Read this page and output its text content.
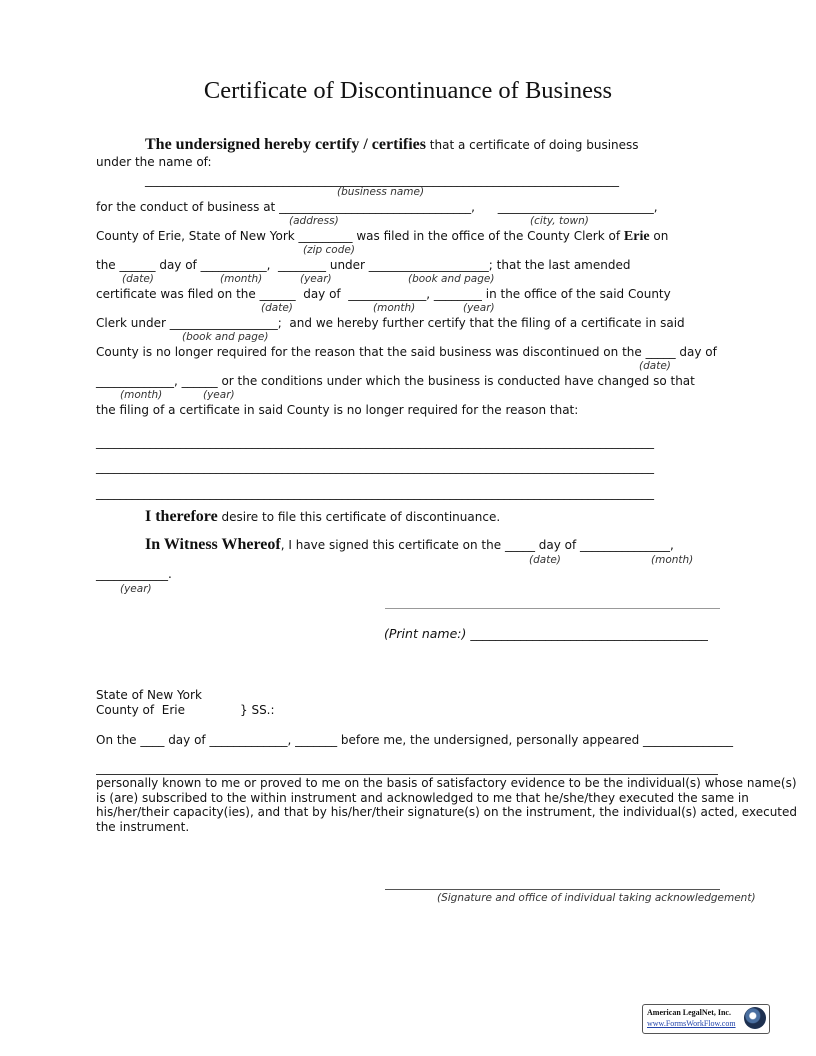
Certificate of Discontinuance of Business
The undersigned hereby certify / certifies that a certificate of doing business
under the name of:
_______________________________________________________________________________
(business name)
for the conduct of business at ________________________________,      __________________________,
(address)	(city, town)
County of Erie, State of New York _________ was filed in the office of the County Clerk of Erie on
(zip code)
the ______ day of ___________,  ________ under ____________________; that the last amended
(date)	(month)	(year)	(book and page)
certificate was filed on the ______  day of  _____________, ________ in the office of the said County
(date)	(month)	(year)
Clerk under __________________;  and we hereby further certify that the filing of a certificate in said
(book and page)
County is no longer required for the reason that the said business was discontinued on the _____ day of
(date)
_____________, ______ or the conditions under which the business is conducted have changed so that
(month)	(year)
the filing of a certificate in said County is no longer required for the reason that:
_____________________________________________________________________________________________
_____________________________________________________________________________________________
_____________________________________________________________________________________________
I therefore desire to file this certificate of discontinuance.
In Witness Whereof, I have signed this certificate on the _____ day of _______________,
(date)	(month)
____________.
(year)
(Print name:) ______________________________________
State of New York
County of  Erie	} SS.:
On the ____ day of _____________, _______ before me, the undersigned, personally appeared _______________
personally known to me or proved to me on the basis of satisfactory evidence to be the individual(s) whose name(s)
is (are) subscribed to the within instrument and acknowledged to me that he/she/they executed the same in
his/her/their capacity(ies), and that by his/her/their signature(s) on the instrument, the individual(s) acted, executed
the instrument.
(Signature and office of individual taking acknowledgement)
American LegalNet, Inc.
www.FormsWorkFlow.com
